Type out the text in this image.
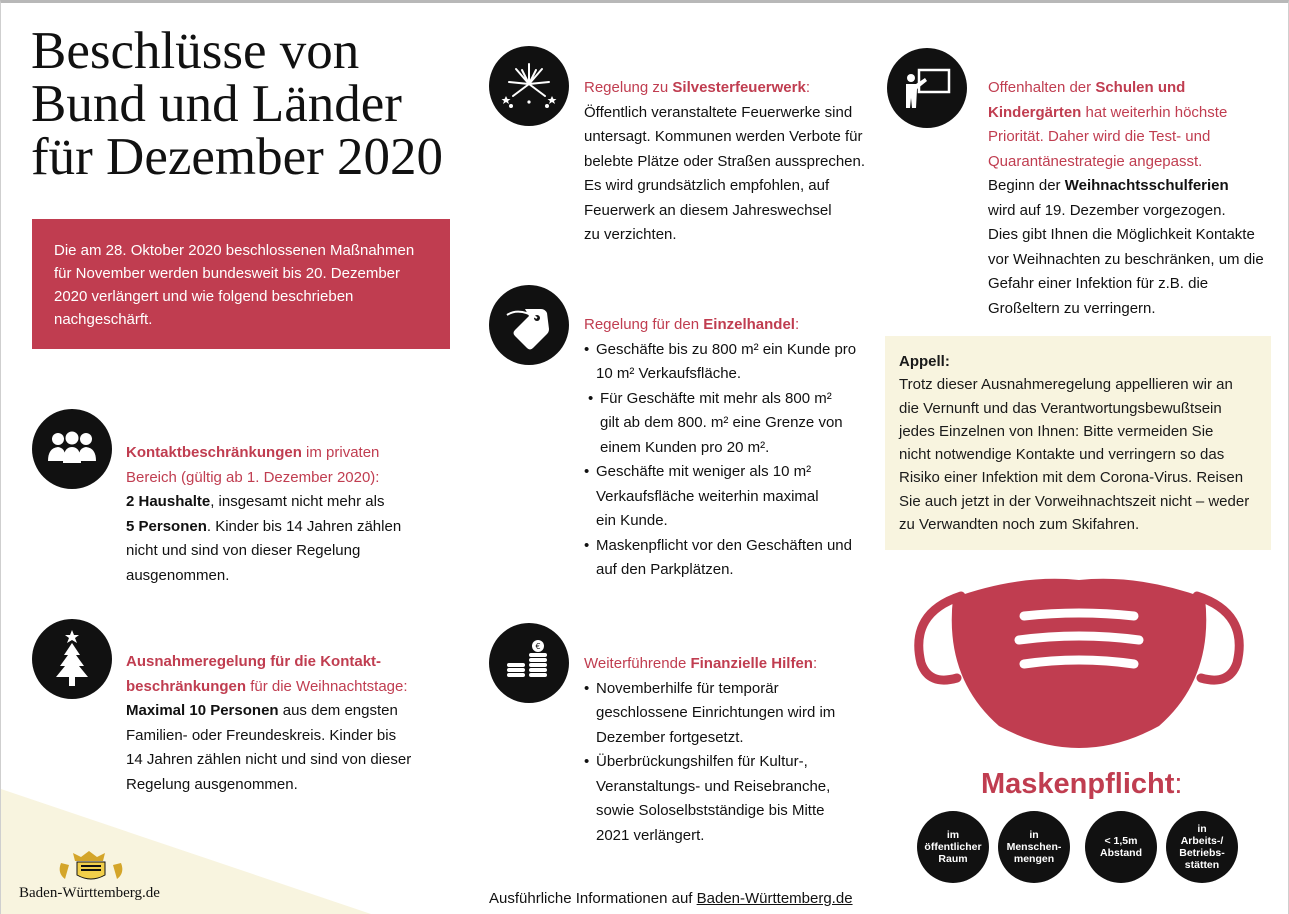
Beschlüsse von
Bund und Länder
für Dezember 2020
Die am 28. Oktober 2020 beschlossenen Maßnahmen für November werden bundesweit bis 20. Dezember 2020 verlängert und wie folgend beschrieben nachgeschärft.
Kontaktbeschränkungen im privaten
Bereich (gültig ab 1. Dezember 2020):
2 Haushalte, insgesamt nicht mehr als
5 Personen. Kinder bis 14 Jahren zählen
nicht und sind von dieser Regelung
ausgenommen.
Ausnahmeregelung für die Kontakt-
beschränkungen für die Weihnachtstage:
Maximal 10 Personen aus dem engsten
Familien- oder Freundeskreis. Kinder bis
14 Jahren zählen nicht und sind von dieser
Regelung ausgenommen.
Regelung zu Silvesterfeuerwerk:
Öffentlich veranstaltete Feuerwerke sind
untersagt. Kommunen werden Verbote für
belebte Plätze oder Straßen aussprechen.
Es wird grundsätzlich empfohlen, auf
Feuerwerk an diesem Jahreswechsel
zu verzichten.
Regelung für den Einzelhandel:
• Geschäfte bis zu 800 m² ein Kunde pro
10 m² Verkaufsfläche.
• Für Geschäfte mit mehr als 800 m²
gilt ab dem 800. m² eine Grenze von
einem Kunden pro 20 m².
• Geschäfte mit weniger als 10 m²
Verkaufsfläche weiterhin maximal
ein Kunde.
• Maskenpflicht vor den Geschäften und
auf den Parkplätzen.
€
Weiterführende Finanzielle Hilfen:
• Novemberhilfe für temporär
geschlossene Einrichtungen wird im
Dezember fortgesetzt.
• Überbrückungshilfen für Kultur-,
Veranstaltungs- und Reisebranche,
sowie Soloselbstständige bis Mitte
2021 verlängert.
Offenhalten der Schulen und
Kindergärten hat weiterhin höchste
Priorität. Daher wird die Test- und
Quarantänestrategie angepasst.
Beginn der Weihnachtsschulferien
wird auf 19. Dezember vorgezogen.
Dies gibt Ihnen die Möglichkeit Kontakte
vor Weihnachten zu beschränken, um die
Gefahr einer Infektion für z.B. die
Großeltern zu verringern.
Appell:
Trotz dieser Ausnahmeregelung appellieren wir an
die Vernunft und das Verantwortungsbewußtsein
jedes Einzelnen von Ihnen: Bitte vermeiden Sie
nicht notwendige Kontakte und verringern so das
Risiko einer Infektion mit dem Corona-Virus. Reisen
Sie auch jetzt in der Vorweihnachtszeit nicht – weder
zu Verwandten noch zum Skifahren.
Maskenpflicht:
im
öffentlicher
Raum
in
Menschen-
mengen
< 1,5m
Abstand
in
Arbeits-/
Betriebs-
stätten
Ausführliche Informationen auf Baden-Württemberg.de
Baden-Württemberg.de
